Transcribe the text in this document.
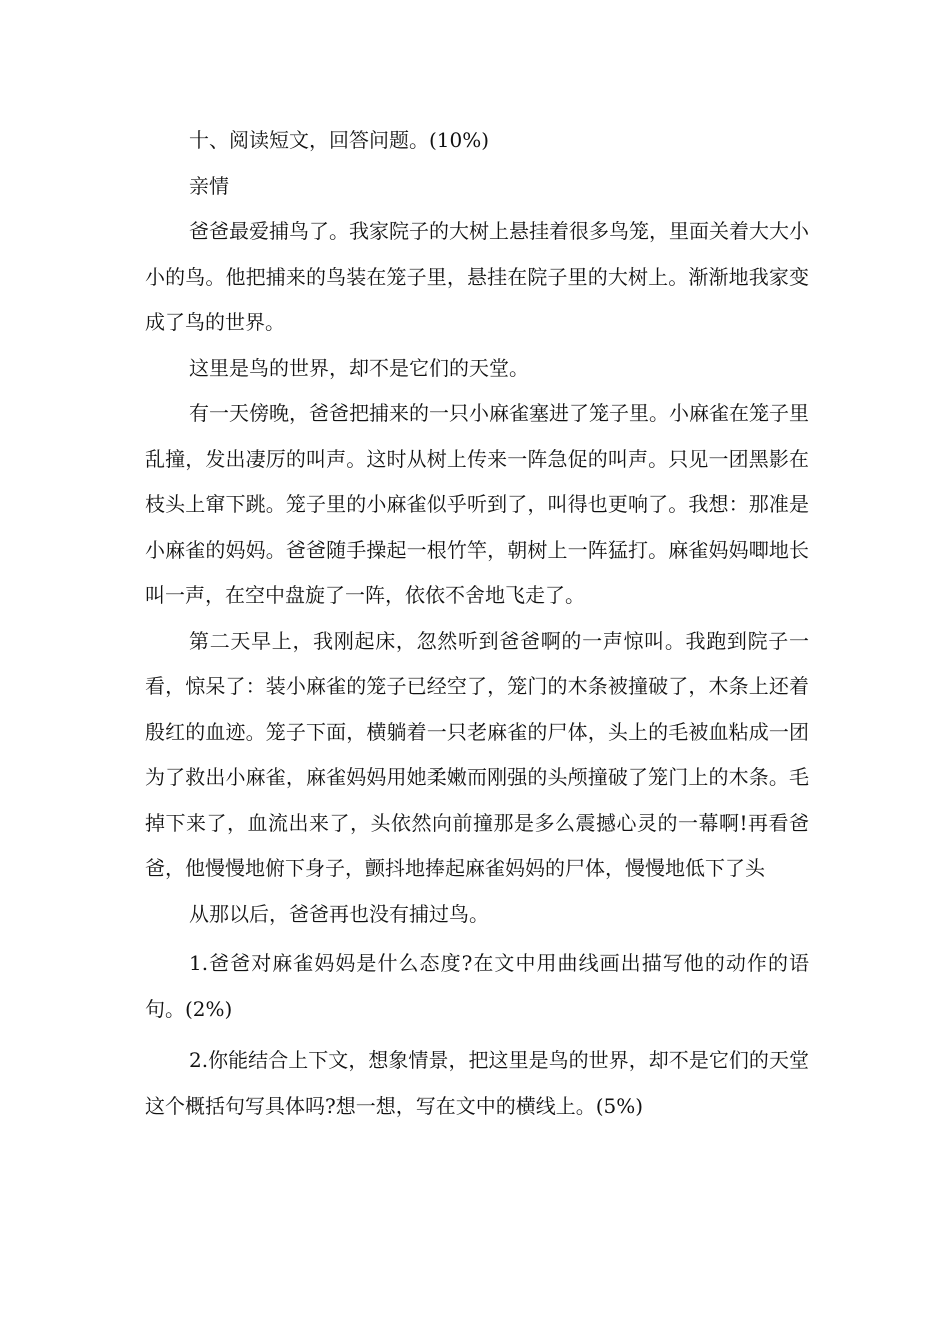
十、阅读短文，回答问题。(10%)

亲情

爸爸最爱捕鸟了。我家院子的大树上悬挂着很多鸟笼，里面关着大大小小的鸟。他把捕来的鸟装在笼子里，悬挂在院子里的大树上。渐渐地我家变成了鸟的世界。

这里是鸟的世界，却不是它们的天堂。

有一天傍晚，爸爸把捕来的一只小麻雀塞进了笼子里。小麻雀在笼子里乱撞，发出凄厉的叫声。这时从树上传来一阵急促的叫声。只见一团黑影在枝头上窜下跳。笼子里的小麻雀似乎听到了，叫得也更响了。我想：那准是小麻雀的妈妈。爸爸随手操起一根竹竿，朝树上一阵猛打。麻雀妈妈唧地长叫一声，在空中盘旋了一阵，依依不舍地飞走了。

第二天早上，我刚起床，忽然听到爸爸啊的一声惊叫。我跑到院子一看，惊呆了：装小麻雀的笼子已经空了，笼门的木条被撞破了，木条上还着殷红的血迹。笼子下面，横躺着一只老麻雀的尸体，头上的毛被血粘成一团为了救出小麻雀，麻雀妈妈用她柔嫩而刚强的头颅撞破了笼门上的木条。毛掉下来了，血流出来了，头依然向前撞那是多么震撼心灵的一幕啊!再看爸爸，他慢慢地俯下身子，颤抖地捧起麻雀妈妈的尸体，慢慢地低下了头

从那以后，爸爸再也没有捕过鸟。

1.爸爸对麻雀妈妈是什么态度?在文中用曲线画出描写他的动作的语句。(2%)

2.你能结合上下文，想象情景，把这里是鸟的世界，却不是它们的天堂这个概括句写具体吗?想一想，写在文中的横线上。(5%)
